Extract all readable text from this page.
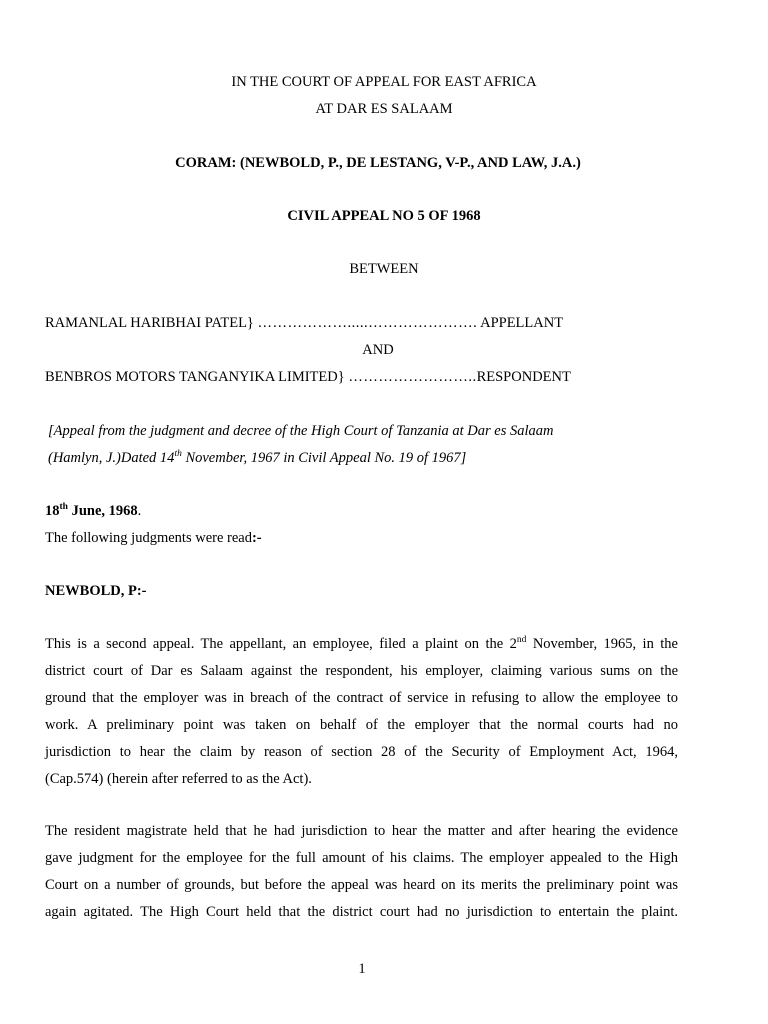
IN THE COURT OF APPEAL FOR EAST AFRICA
AT DAR ES SALAAM
CORAM: (NEWBOLD, P., DE LESTANG, V-P., AND LAW, J.A.)
CIVIL APPEAL NO 5 OF 1968
BETWEEN
RAMANLAL HARIBHAI PATEL} ……………….....…………………. APPELLANT
AND
BENBROS MOTORS TANGANYIKA LIMITED} ……………………..RESPONDENT
[Appeal from the judgment and decree of the High Court of Tanzania at Dar es Salaam
(Hamlyn, J.)Dated 14th November, 1967 in Civil Appeal No. 19 of 1967]
18th June, 1968.
The following judgments were read:-
NEWBOLD, P:-
This is a second appeal. The appellant, an employee, filed a plaint on the 2nd November, 1965, in the
district court of Dar es Salaam against the respondent, his employer, claiming various sums on the
ground that the employer was in breach of the contract of service in refusing to allow the employee to
work. A preliminary point was taken on behalf of the employer that the normal courts had no
jurisdiction to hear the claim by reason of section 28 of the Security of Employment Act, 1964,
(Cap.574) (herein after referred to as the Act).
The resident magistrate held that he had jurisdiction to hear the matter and after hearing the evidence
gave judgment for the employee for the full amount of his claims. The employer appealed to the High
Court on a number of grounds, but before the appeal was heard on its merits the preliminary point was
again agitated. The High Court held that the district court had no jurisdiction to entertain the plaint.
1
